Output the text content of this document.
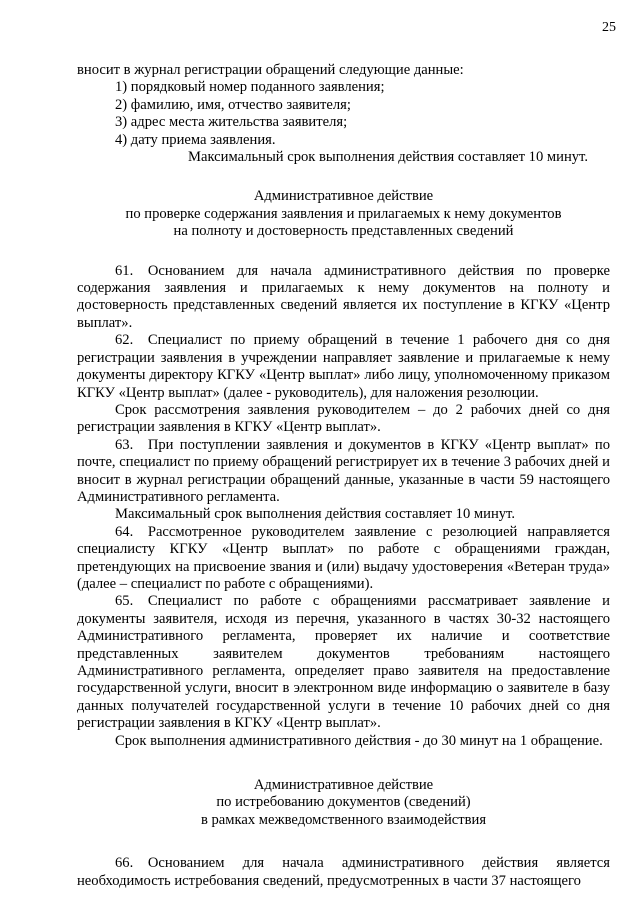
25

вносит в журнал регистрации обращений следующие данные:

1) порядковый номер поданного заявления;

2) фамилию, имя, отчество заявителя;

3) адрес места жительства заявителя;

4) дату приема заявления.

Максимальный срок выполнения действия составляет 10 минут.

Административное действие
по проверке содержания заявления и прилагаемых к нему документов
на полноту и достоверность представленных сведений

61. Основанием для начала административного действия по проверке содержания заявления и прилагаемых к нему документов на полноту и достоверность представленных сведений является их поступление в КГКУ «Центр выплат».

62. Специалист по приему обращений в течение 1 рабочего дня со дня регистрации заявления в учреждении направляет заявление и прилагаемые к нему документы директору КГКУ «Центр выплат» либо лицу, уполномоченному приказом КГКУ «Центр выплат» (далее - руководитель), для наложения резолюции.

Срок рассмотрения заявления руководителем – до 2 рабочих дней со дня регистрации заявления в КГКУ «Центр выплат».

63. При поступлении заявления и документов в КГКУ «Центр выплат» по почте, специалист по приему обращений регистрирует их в течение 3 рабочих дней и вносит в журнал регистрации обращений данные, указанные в части 59 настоящего Административного регламента.

Максимальный срок выполнения действия составляет 10 минут.

64. Рассмотренное руководителем заявление с резолюцией направляется специалисту КГКУ «Центр выплат» по работе с обращениями граждан, претендующих на присвоение звания и (или) выдачу удостоверения «Ветеран труда» (далее – специалист по работе с обращениями).

65. Специалист по работе с обращениями рассматривает заявление и документы заявителя, исходя из перечня, указанного в частях 30-32 настоящего Административного регламента, проверяет их наличие и соответствие представленных заявителем документов требованиям настоящего Административного регламента, определяет право заявителя на предоставление государственной услуги, вносит в электронном виде информацию о заявителе в базу данных получателей государственной услуги в течение 10 рабочих дней со дня регистрации заявления в КГКУ «Центр выплат».

Срок выполнения административного действия - до 30 минут на 1 обращение.

Административное действие
по истребованию документов (сведений)
в рамках межведомственного взаимодействия

66. Основанием для начала административного действия является необходимость истребования сведений, предусмотренных в части 37 настоящего
